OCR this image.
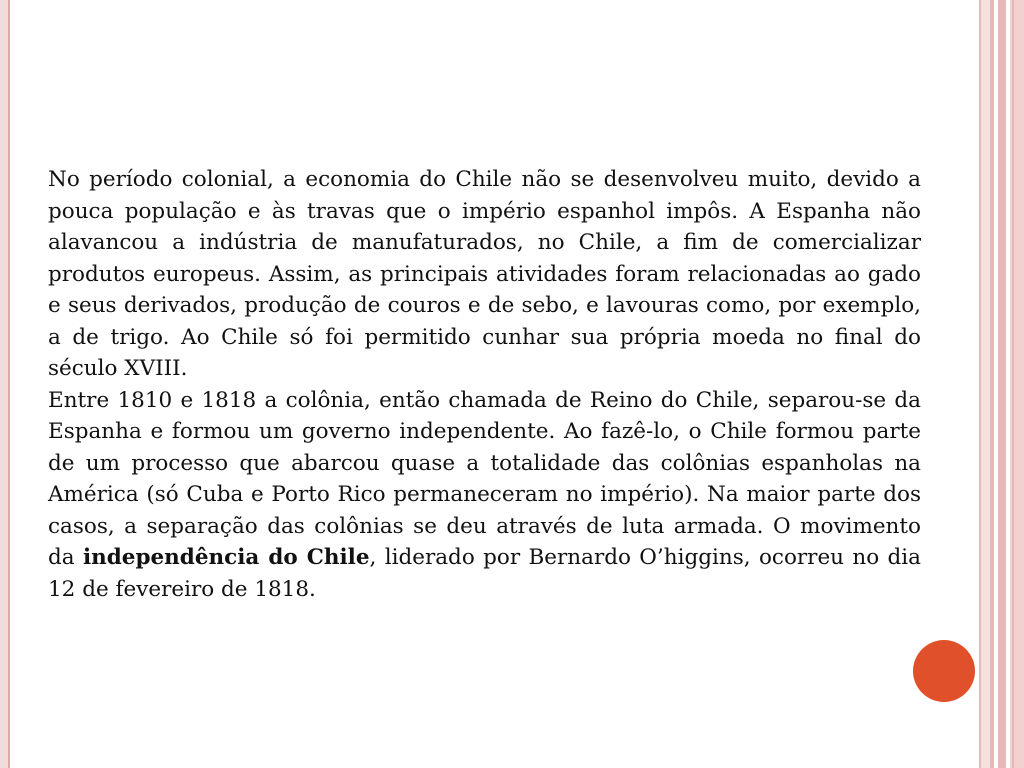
No período colonial, a economia do Chile não se desenvolveu muito, devido a pouca população e às travas que o império espanhol impôs. A Espanha não alavancou a indústria de manufaturados, no Chile, a fim de comercializar produtos europeus. Assim, as principais atividades foram relacionadas ao gado e seus derivados, produção de couros e de sebo, e lavouras como, por exemplo, a de trigo. Ao Chile só foi permitido cunhar sua própria moeda no final do século XVIII.

Entre 1810 e 1818 a colônia, então chamada de Reino do Chile, separou-se da Espanha e formou um governo independente. Ao fazê-lo, o Chile formou parte de um processo que abarcou quase a totalidade das colônias espanholas na América (só Cuba e Porto Rico permaneceram no império). Na maior parte dos casos, a separação das colônias se deu através de luta armada. O movimento da independência do Chile, liderado por Bernardo O’higgins, ocorreu no dia 12 de fevereiro de 1818.
